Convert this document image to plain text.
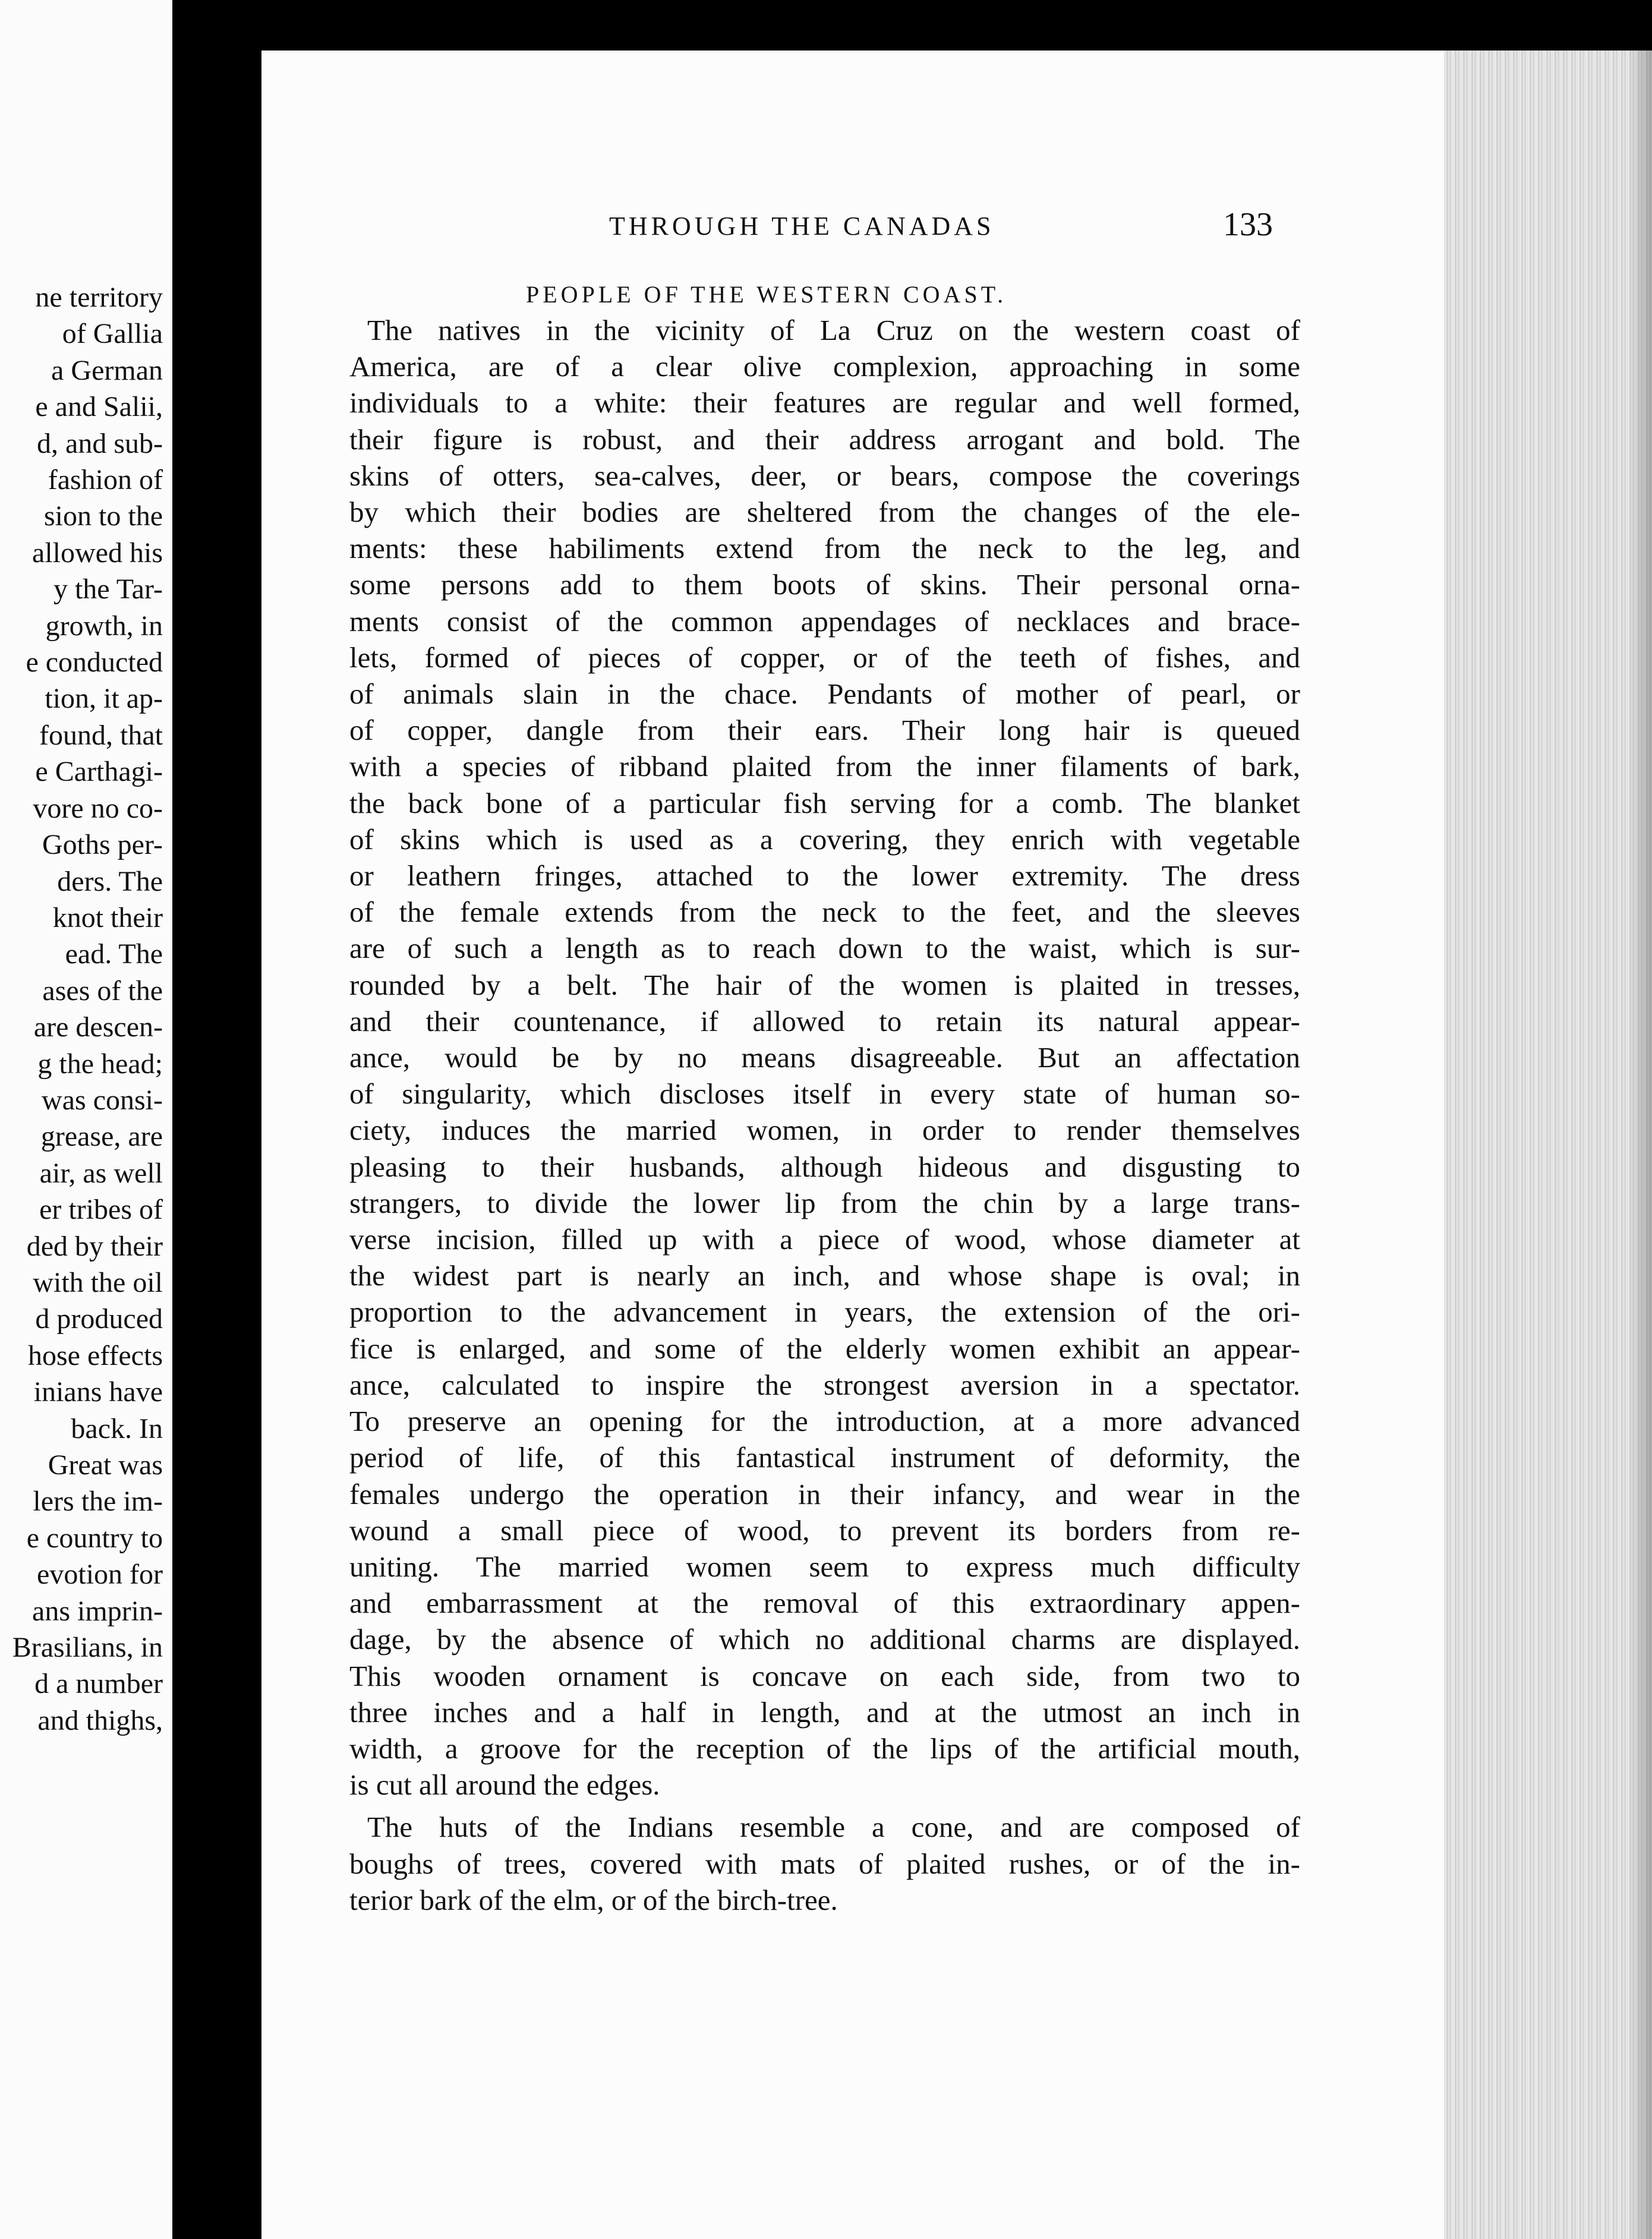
ne territory
of Gallia
a German
e and Salii,
d, and sub-
fashion of
sion to the
allowed his
y the Tar-
growth, in
e conducted
tion, it ap-
found, that
e Carthagi-
vore no co-
Goths per-
ders. The
knot their
ead. The
ases of the
are descen-
g the head;
was consi-
grease, are
air, as well
er tribes of
ded by their
with the oil
d produced
hose effects
inians have
back. In
Great was
lers the im-
e country to
evotion for
ans imprin-
Brasilians, in
d a number
and thighs,
THROUGH THE CANADAS	133
PEOPLE OF THE WESTERN COAST.
The natives in the vicinity of La Cruz on the western coast of
America, are of a clear olive complexion, approaching in some
individuals to a white: their features are regular and well formed,
their figure is robust, and their address arrogant and bold. The
skins of otters, sea-calves, deer, or bears, compose the coverings
by which their bodies are sheltered from the changes of the ele-
ments: these habiliments extend from the neck to the leg, and
some persons add to them boots of skins. Their personal orna-
ments consist of the common appendages of necklaces and brace-
lets, formed of pieces of copper, or of the teeth of fishes, and
of animals slain in the chace. Pendants of mother of pearl, or
of copper, dangle from their ears. Their long hair is queued
with a species of ribband plaited from the inner filaments of bark,
the back bone of a particular fish serving for a comb. The blanket
of skins which is used as a covering, they enrich with vegetable
or leathern fringes, attached to the lower extremity. The dress
of the female extends from the neck to the feet, and the sleeves
are of such a length as to reach down to the waist, which is sur-
rounded by a belt. The hair of the women is plaited in tresses,
and their countenance, if allowed to retain its natural appear-
ance, would be by no means disagreeable. But an affectation
of singularity, which discloses itself in every state of human so-
ciety, induces the married women, in order to render themselves
pleasing to their husbands, although hideous and disgusting to
strangers, to divide the lower lip from the chin by a large trans-
verse incision, filled up with a piece of wood, whose diameter at
the widest part is nearly an inch, and whose shape is oval; in
proportion to the advancement in years, the extension of the ori-
fice is enlarged, and some of the elderly women exhibit an appear-
ance, calculated to inspire the strongest aversion in a spectator.
To preserve an opening for the introduction, at a more advanced
period of life, of this fantastical instrument of deformity, the
females undergo the operation in their infancy, and wear in the
wound a small piece of wood, to prevent its borders from re-
uniting. The married women seem to express much difficulty
and embarrassment at the removal of this extraordinary appen-
dage, by the absence of which no additional charms are displayed.
This wooden ornament is concave on each side, from two to
three inches and a half in length, and at the utmost an inch in
width, a groove for the reception of the lips of the artificial mouth,
is cut all around the edges.
The huts of the Indians resemble a cone, and are composed of
boughs of trees, covered with mats of plaited rushes, or of the in-
terior bark of the elm, or of the birch-tree.
